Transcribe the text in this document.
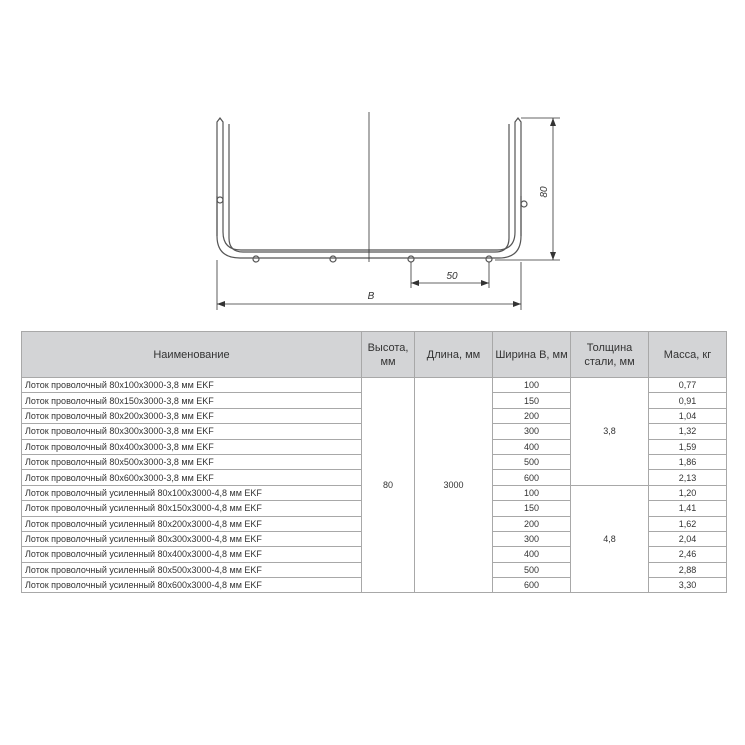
80
50
B
Наименование	Высота, мм	Длина, мм	Ширина B, мм	Толщина стали, мм	Масса, кг
Лоток проволочный 80х100х3000-3,8 мм EKF	80	3000	100	3,8	0,77
Лоток проволочный 80х150х3000-3,8 мм EKF			150		0,91
Лоток проволочный 80х200х3000-3,8 мм EKF			200		1,04
Лоток проволочный 80х300х3000-3,8 мм EKF			300		1,32
Лоток проволочный 80х400х3000-3,8 мм EKF			400		1,59
Лоток проволочный 80х500х3000-3,8 мм EKF			500		1,86
Лоток проволочный 80х600х3000-3,8 мм EKF			600		2,13
Лоток проволочный усиленный 80х100х3000-4,8 мм EKF			100	4,8	1,20
Лоток проволочный усиленный 80х150х3000-4,8 мм EKF			150		1,41
Лоток проволочный усиленный 80х200х3000-4,8 мм EKF			200		1,62
Лоток проволочный усиленный 80х300х3000-4,8 мм EKF			300		2,04
Лоток проволочный усиленный 80х400х3000-4,8 мм EKF			400		2,46
Лоток проволочный усиленный 80х500х3000-4,8 мм EKF			500		2,88
Лоток проволочный усиленный 80х600х3000-4,8 мм EKF			600		3,30
